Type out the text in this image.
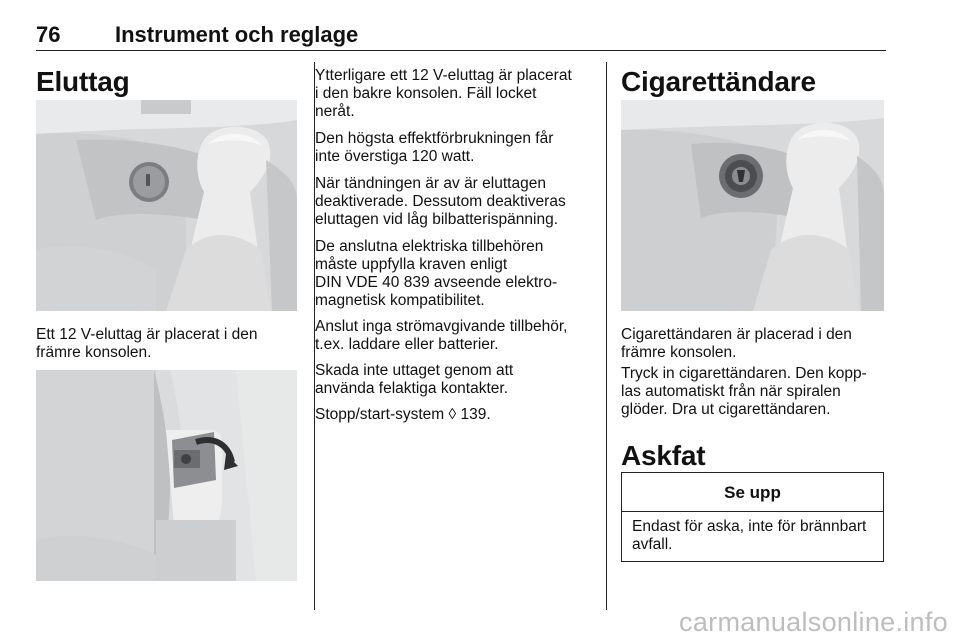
76 Instrument och reglage
Eluttag
Ett 12 V-eluttag är placerat i den
främre konsolen.
Ytterligare ett 12 V-eluttag är placerat
i den bakre konsolen. Fäll locket
neråt.
Den högsta effektförbrukningen får
inte överstiga 120 watt.
När tändningen är av är eluttagen
deaktiverade. Dessutom deaktiveras
eluttagen vid låg bilbatterispänning.
De anslutna elektriska tillbehören
måste uppfylla kraven enligt
DIN VDE 40 839 avseende elektro-
magnetisk kompatibilitet.
Anslut inga strömavgivande tillbehör,
t.ex. laddare eller batterier.
Skada inte uttaget genom att
använda felaktiga kontakter.
Stopp/start-system ◊ 139.
Cigarettändare
Cigarettändaren är placerad i den
främre konsolen.
Tryck in cigarettändaren. Den kopp-
las automatiskt från när spiralen
glöder. Dra ut cigarettändaren.
Askfat
Se upp
Endast för aska, inte för brännbart
avfall.
carmanualsonline.info
